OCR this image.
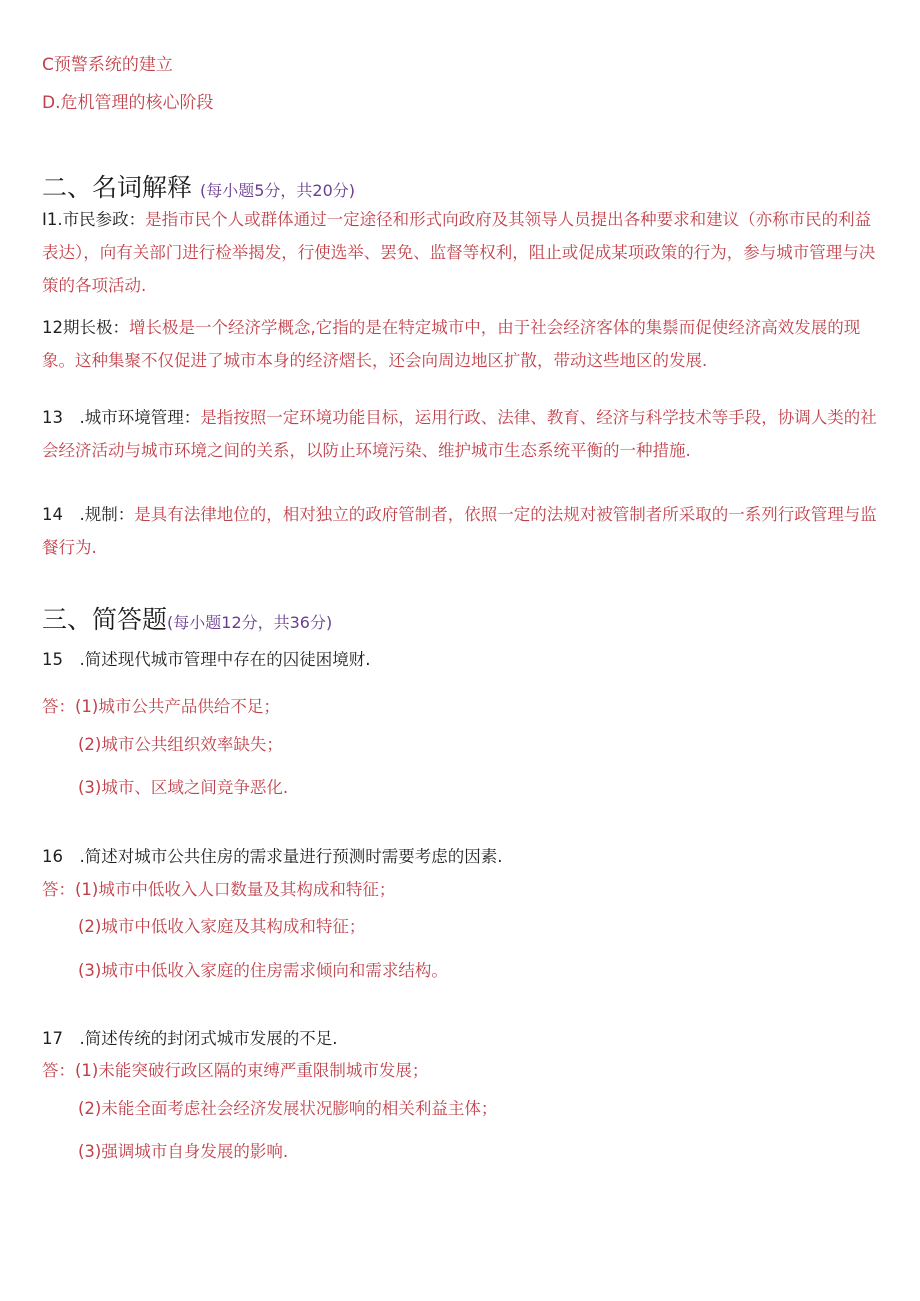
C预警系统的建立
D.危机管理的核心阶段
二、名词解释 (每小题5分，共20分)
I1.市民参政：是指市民个人或群体通过一定途径和形式向政府及其领导人员提出各种要求和建议（亦称市民的利益表达），向有关部门进行检举揭发，行使选举、罢免、监督等权利，阻止或促成某项政策的行为，参与城市管理与决策的各项活动.
12期长极：增长极是一个经济学概念,它指的是在特定城市中，由于社会经济客体的集鬃而促使经济高效发展的现象。这种集聚不仅促进了城市本身的经济熠长，还会向周边地区扩散，带动这些地区的发展.
13　.城市环境管理：是指按照一定环境功能目标，运用行政、法律、教育、经济与科学技术等手段，协调人类的社会经济活动与城市环境之间的关系，以防止环境污染、维护城市生态系统平衡的一种措施.
14　.规制：是具有法律地位的，相对独立的政府管制者，依照一定的法规对被管制者所采取的一系列行政管理与监餐行为.
三、简答题(每小题12分，共36分)
15　.简述现代城市管理中存在的囚徒困境财.
答：(1)城市公共产品供给不足；
(2)城市公共组织效率缺失；
(3)城市、区域之间竞争恶化.
16　.简述对城市公共住房的需求量进行预测时需要考虑的因素.
答：(1)城市中低收入人口数量及其构成和特征；
(2)城市中低收入家庭及其构成和特征；
(3)城市中低收入家庭的住房需求倾向和需求结构。
17　.简述传统的封闭式城市发展的不足.
答：(1)未能突破行政区隔的束缚严重限制城市发展；
(2)未能全面考虑社会经济发展状况膨响的相关利益主体；
(3)强调城市自身发展的影响.
